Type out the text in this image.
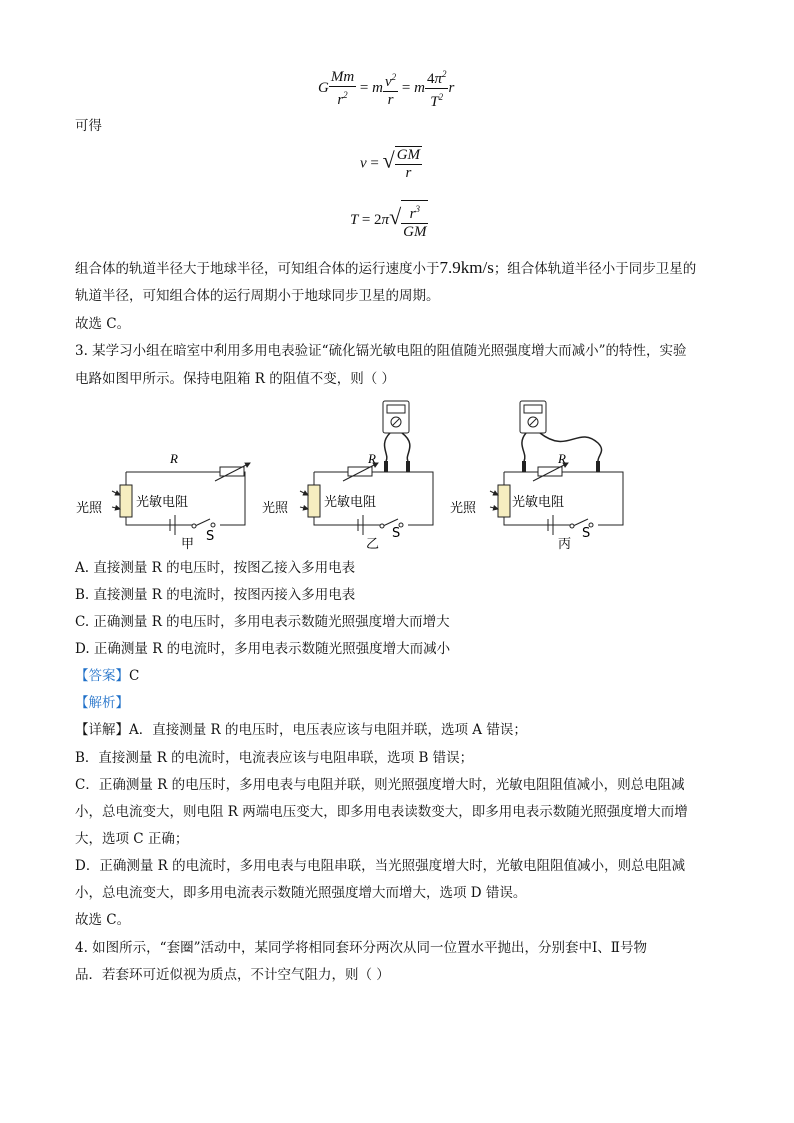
G $\frac{Mm}{r^2} = m \frac{v^2}{r} = m \frac{4\pi^2}{T^2}$ r
可得
v = √ $\frac{GM}{r}$
$T = 2\pi√ \frac{r^3}{GM}$
组合体的轨道半径大于地球半径，可知组合体的运行速度小于7.9km/s；组合体轨道半径小于同步卫星的
轨道半径，可知组合体的运行周期小于地球同步卫星的周期。
故选 C。
3. 某学习小组在暗室中利用多用电表验证“硫化镉光敏电阻的阻值随光照强度增大而减小”的特性，实验
电路如图甲所示。保持电阻箱 R 的阻值不变，则（ ）
R
光敏电阻
光照
S
甲
R
光敏电阻
光照
S
乙
R
光敏电阻
光照
S
丙
A. 直接测量 R 的电压时，按图乙接入多用电表
B. 直接测量 R 的电流时，按图丙接入多用电表
C. 正确测量 R 的电压时，多用电表示数随光照强度增大而增大
D. 正确测量 R 的电流时，多用电表示数随光照强度增大而减小
【答案】C
【解析】
【详解】A．直接测量 R 的电压时，电压表应该与电阻并联，选项 A 错误；
B．直接测量 R 的电流时，电流表应该与电阻串联，选项 B 错误；
C．正确测量 R 的电压时，多用电表与电阻并联，则光照强度增大时，光敏电阻阻值减小，则总电阻减
小，总电流变大，则电阻 R 两端电压变大，即多用电表读数变大，即多用电表示数随光照强度增大而增
大，选项 C 正确；
D．正确测量 R 的电流时，多用电表与电阻串联，当光照强度增大时，光敏电阻阻值减小，则总电阻减
小，总电流变大，即多用电流表示数随光照强度增大而增大，选项 D 错误。
故选 C。
4. 如图所示，“套圈”活动中，某同学将相同套环分两次从同一位置水平抛出，分别套中Ⅰ、Ⅱ号物
品．若套环可近似视为质点，不计空气阻力，则（ ）
